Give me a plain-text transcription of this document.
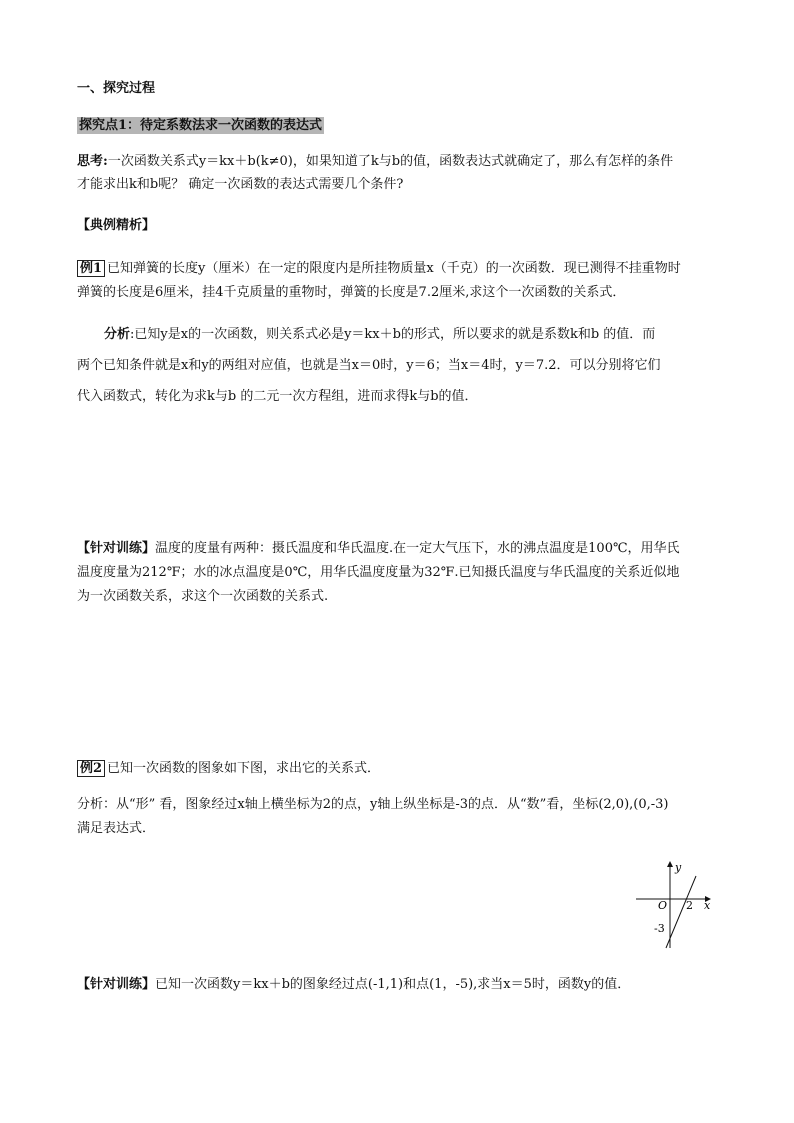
一、探究过程
探究点1：待定系数法求一次函数的表达式
思考:一次函数关系式y＝kx＋b(k≠0)，如果知道了k与b的值，函数表达式就确定了，那么有怎样的条件
才能求出k和b呢？ 确定一次函数的表达式需要几个条件?
【典例精析】
例1 已知弹簧的长度y（厘米）在一定的限度内是所挂物质量x（千克）的一次函数．现已测得不挂重物时
弹簧的长度是6厘米，挂4千克质量的重物时，弹簧的长度是7.2厘米,求这个一次函数的关系式．
分析:已知y是x的一次函数，则关系式必是y＝kx＋b的形式，所以要求的就是系数k和b 的值．而
两个已知条件就是x和y的两组对应值，也就是当x＝0时，y＝6；当x＝4时，y＝7.2．可以分别将它们
代入函数式，转化为求k与b 的二元一次方程组，进而求得k与b的值．
【针对训练】温度的度量有两种：摄氏温度和华氏温度.在一定大气压下，水的沸点温度是100℃，用华氏
温度度量为212℉；水的冰点温度是0℃，用华氏温度度量为32℉.已知摄氏温度与华氏温度的关系近似地
为一次函数关系，求这个一次函数的关系式.
例2 已知一次函数的图象如下图，求出它的关系式．
分析：从“形” 看，图象经过x轴上横坐标为2的点，y轴上纵坐标是-3的点．从“数”看，坐标(2,0),(0,-3)
满足表达式．
y
x
O 2
-3
【针对训练】已知一次函数y＝kx＋b的图象经过点(-1,1)和点(1，-5),求当x＝5时，函数y的值．
